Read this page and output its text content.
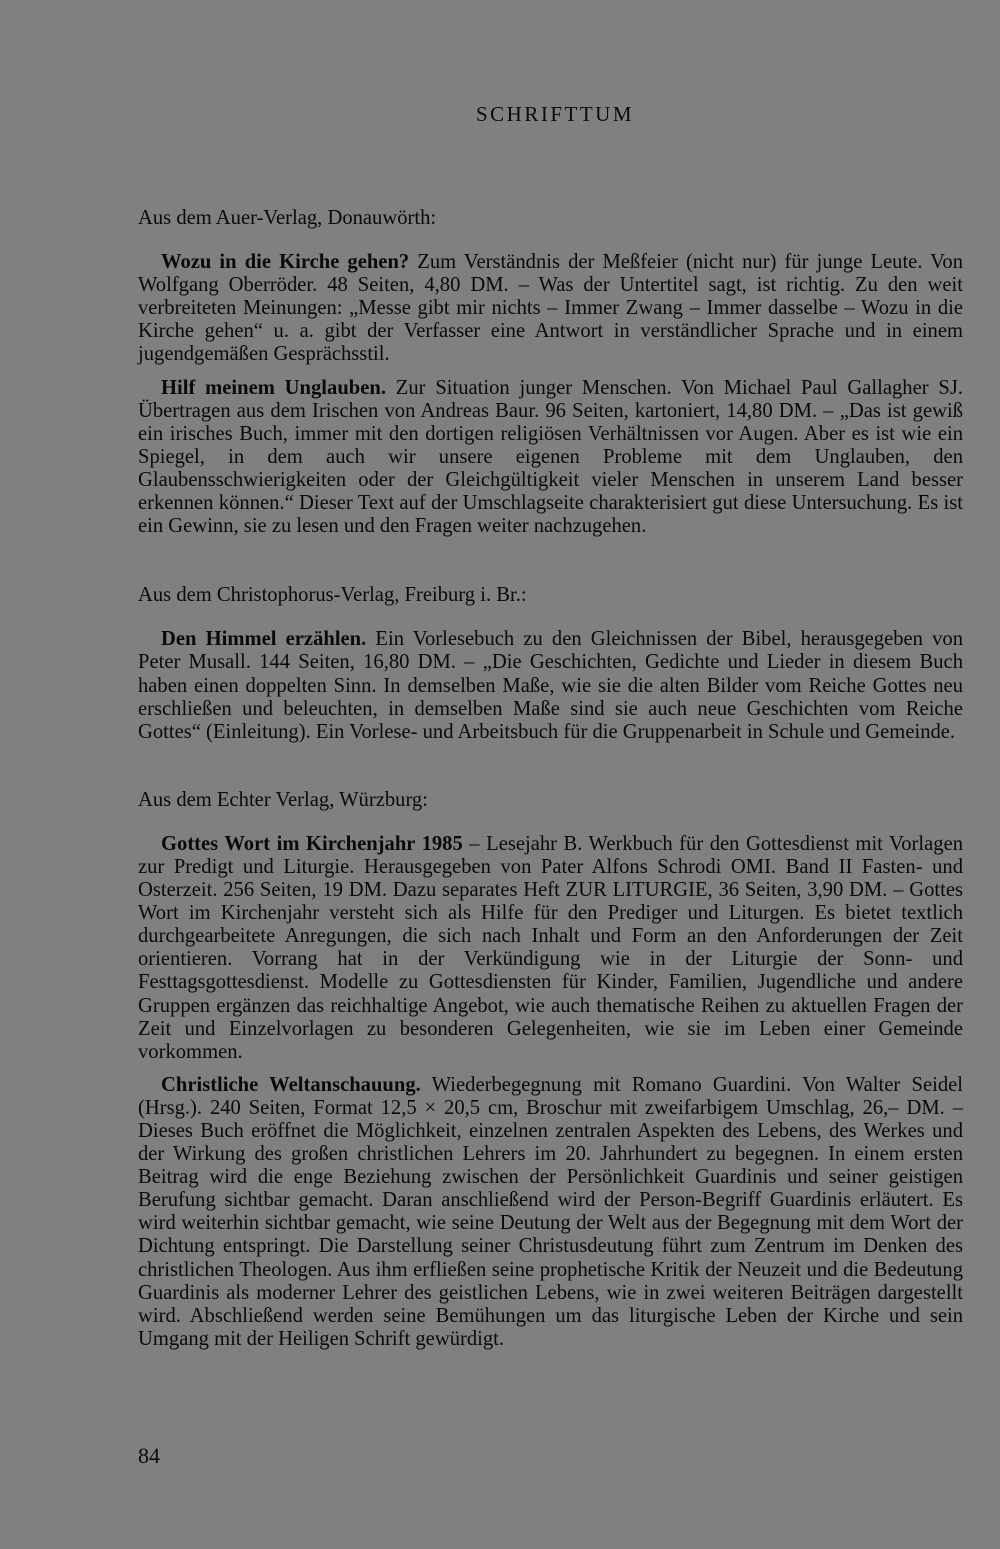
SCHRIFTTUM

Aus dem Auer-Verlag, Donauwörth:

Wozu in die Kirche gehen? Zum Verständnis der Meßfeier (nicht nur) für junge Leute. Von Wolfgang Oberröder. 48 Seiten, 4,80 DM. – Was der Untertitel sagt, ist richtig. Zu den weit verbreiteten Meinungen: „Messe gibt mir nichts – Immer Zwang – Immer dasselbe – Wozu in die Kirche gehen“ u. a. gibt der Verfasser eine Antwort in verständlicher Sprache und in einem jugendgemäßen Gesprächsstil.

Hilf meinem Unglauben. Zur Situation junger Menschen. Von Michael Paul Gallagher SJ. Übertragen aus dem Irischen von Andreas Baur. 96 Seiten, kartoniert, 14,80 DM. – „Das ist gewiß ein irisches Buch, immer mit den dortigen religiösen Verhältnissen vor Augen. Aber es ist wie ein Spiegel, in dem auch wir unsere eigenen Probleme mit dem Unglauben, den Glaubensschwierigkeiten oder der Gleichgültigkeit vieler Menschen in unserem Land besser erkennen können.“ Dieser Text auf der Umschlagseite charakterisiert gut diese Untersuchung. Es ist ein Gewinn, sie zu lesen und den Fragen weiter nachzugehen.

Aus dem Christophorus-Verlag, Freiburg i. Br.:

Den Himmel erzählen. Ein Vorlesebuch zu den Gleichnissen der Bibel, herausgegeben von Peter Musall. 144 Seiten, 16,80 DM. – „Die Geschichten, Gedichte und Lieder in diesem Buch haben einen doppelten Sinn. In demselben Maße, wie sie die alten Bilder vom Reiche Gottes neu erschließen und beleuchten, in demselben Maße sind sie auch neue Geschichten vom Reiche Gottes“ (Einleitung). Ein Vorlese- und Arbeitsbuch für die Gruppenarbeit in Schule und Gemeinde.

Aus dem Echter Verlag, Würzburg:

Gottes Wort im Kirchenjahr 1985 – Lesejahr B. Werkbuch für den Gottesdienst mit Vorlagen zur Predigt und Liturgie. Herausgegeben von Pater Alfons Schrodi OMI. Band II Fasten- und Osterzeit. 256 Seiten, 19 DM. Dazu separates Heft ZUR LITURGIE, 36 Seiten, 3,90 DM. – Gottes Wort im Kirchenjahr versteht sich als Hilfe für den Prediger und Liturgen. Es bietet textlich durchgearbeitete Anregungen, die sich nach Inhalt und Form an den Anforderungen der Zeit orientieren. Vorrang hat in der Verkündigung wie in der Liturgie der Sonn- und Festtagsgottesdienst. Modelle zu Gottesdiensten für Kinder, Familien, Jugendliche und andere Gruppen ergänzen das reichhaltige Angebot, wie auch thematische Reihen zu aktuellen Fragen der Zeit und Einzelvorlagen zu besonderen Gelegenheiten, wie sie im Leben einer Gemeinde vorkommen.

Christliche Weltanschauung. Wiederbegegnung mit Romano Guardini. Von Walter Seidel (Hrsg.). 240 Seiten, Format 12,5 × 20,5 cm, Broschur mit zweifarbigem Umschlag, 26,– DM. – Dieses Buch eröffnet die Möglichkeit, einzelnen zentralen Aspekten des Lebens, des Werkes und der Wirkung des großen christlichen Lehrers im 20. Jahrhundert zu begegnen. In einem ersten Beitrag wird die enge Beziehung zwischen der Persönlichkeit Guardinis und seiner geistigen Berufung sichtbar gemacht. Daran anschließend wird der Person-Begriff Guardinis erläutert. Es wird weiterhin sichtbar gemacht, wie seine Deutung der Welt aus der Begegnung mit dem Wort der Dichtung entspringt. Die Darstellung seiner Christusdeutung führt zum Zentrum im Denken des christlichen Theologen. Aus ihm erfließen seine prophetische Kritik der Neuzeit und die Bedeutung Guardinis als moderner Lehrer des geistlichen Lebens, wie in zwei weiteren Beiträgen dargestellt wird. Abschließend werden seine Bemühungen um das liturgische Leben der Kirche und sein Umgang mit der Heiligen Schrift gewürdigt.

84
